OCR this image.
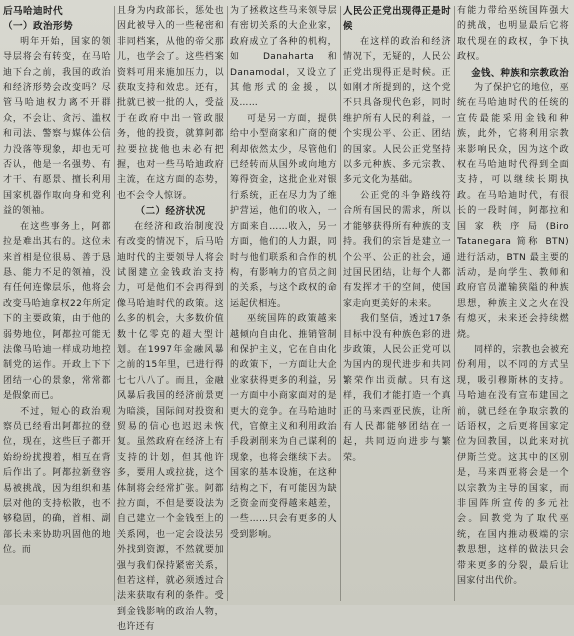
后马哈迪时代
（一）政治形势

明年开始，国家的领导层将会有转变，在马哈迪下台之前，我国的政治和经济形势会改变吗？尽管马哈迪权力离不开群众，不会让、贪污、滥权和司法、警察与媒体公信力没落等现象，却也无可否认，他是一名强势、有才干、有愿景、擅长利用国家机器作取向身和党利益的领袖。

在这些事务上，阿都拉是难出其右的。这位未来首相是位很易、善于恳恳、能力不足的领袖，没有任何连像层乐，他将会改变马哈迪拿权22年所定下的主要政策，由于他的弱势地位，阿都拉可能无法像马哈迪一样成功地控制党的运作。开政上下下团结一心的景象，常常都是假象而已。

不过，短心的政治观察员已经看出阿都拉的登位，现在，这些巨子都开始纷纷扰搜着，相互在背后作出了。阿都拉新登容易被挑战，因为组织和基层对他的支持松散，也不够稳固，的确，首相、副部长未来协助巩固他的地位。而

且身为内政部长，惩处也因此被导入的一些秘密和非同档案，从他的帝父那儿，也学会了。这些档案资料可用来施加压力，以获取支持和效忠。还有，批就已被一批的人，受益于在政府中出一管政服务，他的投资，就算阿都拉要拉拢他也未必有把握，也对一些马哈迪政府主流，在这方面的态势，也不会令人惊讶。

（二）经济状况

在经济和政治制度没有改变的情况下，后马哈迪时代的主要领导人将会试图建立金钱政治支持力，可是他们不会再得到像马哈迪时代的政策。这么多的机会，大多数价值数十亿零克的超大型计划。在1997年金融风暴之前的15年里，已进行得七七八八了。而且，金融风暴后我国的经济前景更为暗淡，国际间对投资和贸易的信心也迟迟未恢复。虽然政府在经济上有支持的计划，但其他许多，要用人或拉拢，这个体制将会经常扩张。阿都拉方面，不但是要设法为自己建立一个金钱至上的关系网，也一定会设法另外找到资源，不然就要加强与我们保持紧密关系，但若这样，就必须透过合法来获取有利的条件。受到金钱影响的政治人物，也许还有

为了拯救这些马来领导层有密切关系的大企业家，政府成立了各种的机构，如 Danaharta 和 Danamodal，又设立了其他形式的金援，以及……

可是另一方面，提供给中小型商家和广商的便利却依然太少，尽管他们已经转而从国外或向地方筹得资金，这批企业对银行系统，正在尽力为了维护营运，他们的收入，一方面来自……收入，另一方面，他们的人力跟，同时与他们联系和合作的机构，有影响力的官员之间的关系，与这个政权的命运起伏相连。

巫统国阵的政策越来越倾向自由化、推销管制和保护主义，它在自由化的政策下，一方面让大企业家获得更多的利益，另一方面中小商家面对的是更大的竞争。在马哈迪时代，官僚主义和利用政治手段剥削来为自己谋利的现象，也将会继续下去。国家的基本设施，在这种结构之下，有可能因为缺乏资金而变得越来越差，一些……只会有更多的人受到影响。

人民公正党出现得正是时候

在这样的政治和经济情况下，无疑的，人民公正党出现得正是时候。正如刚才所提到的，这个党不只具备现代色彩，同时维护所有人民的利益，一个实现公平、公正、团结的国家。人民公正党坚持以多元种族、多元宗教、多元文化为基础。

公正党的斗争路线符合所有国民的需求，所以才能够获得所有种族的支持。我们的宗旨是建立一个公平、公正的社会，通过国民团结，让每个人都有发挥才干的空间，使国家走向更美好的未来。

我们坚信，透过17条目标中没有种族色彩的进步政策，人民公正党可以为国内的现代进步和共同繁荣作出贡献。只有这样，我们才能打造一个真正的马来西亚民族，让所有人民都能够团结在一起，共同迈向进步与繁荣。

有能力带给巫统国阵强大的挑战，也明显最后它将取代现在的政权，争下执政权。

金钱、种族和宗教政治

为了保护它的地位，巫统在马哈迪时代的任统的宣传最能采用金钱和种族，此外，它将利用宗教来影响民众，因为这个政权在马哈迪时代得到全面支持，可以继续长期执政。在马哈迪时代，有很长的一段时间，阿都拉和国家秩序局(Biro Tatanegara 简称 BTN)进行活动，BTN 最主要的活动，是向学生、教师和政府官员灌输狭隘的种族思想，种族主义之火在没有熄灭，未来还会持续燃烧。

同样的，宗教也会被充份利用，以不同的方式呈现，吸引穆斯林的支持。马哈迪在没有宣布建国之前，就已经在争取宗教的话语权，之后更将国家定位为回教国，以此来对抗伊斯兰党。这其中的区别是，马来西亚将会是一个以宗教为主导的国家，而非国阵所宣传的多元社会。回教党为了取代巫统，在国内推动极端的宗教思想，这样的做法只会带来更多的分裂，最后让国家付出代价。
